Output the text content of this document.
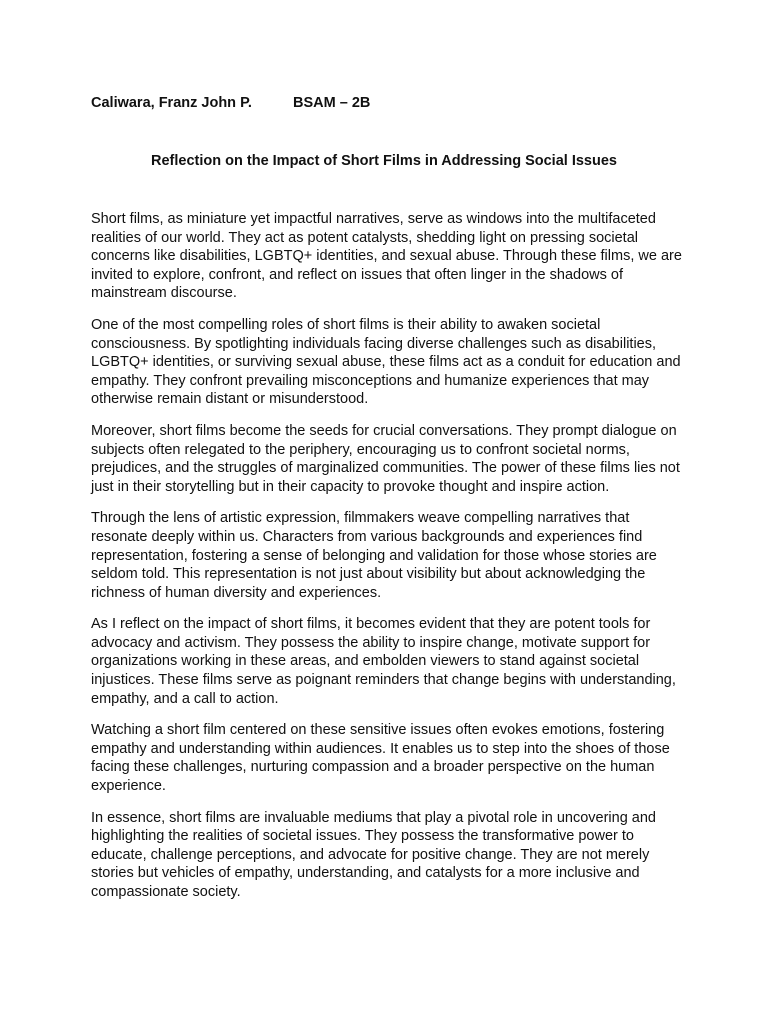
Caliwara, Franz John P.	BSAM – 2B
Reflection on the Impact of Short Films in Addressing Social Issues

Short films, as miniature yet impactful narratives, serve as windows into the multifaceted realities of our world. They act as potent catalysts, shedding light on pressing societal concerns like disabilities, LGBTQ+ identities, and sexual abuse. Through these films, we are invited to explore, confront, and reflect on issues that often linger in the shadows of mainstream discourse.

One of the most compelling roles of short films is their ability to awaken societal consciousness. By spotlighting individuals facing diverse challenges such as disabilities, LGBTQ+ identities, or surviving sexual abuse, these films act as a conduit for education and empathy. They confront prevailing misconceptions and humanize experiences that may otherwise remain distant or misunderstood.

Moreover, short films become the seeds for crucial conversations. They prompt dialogue on subjects often relegated to the periphery, encouraging us to confront societal norms, prejudices, and the struggles of marginalized communities. The power of these films lies not just in their storytelling but in their capacity to provoke thought and inspire action.

Through the lens of artistic expression, filmmakers weave compelling narratives that resonate deeply within us. Characters from various backgrounds and experiences find representation, fostering a sense of belonging and validation for those whose stories are seldom told. This representation is not just about visibility but about acknowledging the richness of human diversity and experiences.

As I reflect on the impact of short films, it becomes evident that they are potent tools for advocacy and activism. They possess the ability to inspire change, motivate support for organizations working in these areas, and embolden viewers to stand against societal injustices. These films serve as poignant reminders that change begins with understanding, empathy, and a call to action.

Watching a short film centered on these sensitive issues often evokes emotions, fostering empathy and understanding within audiences. It enables us to step into the shoes of those facing these challenges, nurturing compassion and a broader perspective on the human experience.

In essence, short films are invaluable mediums that play a pivotal role in uncovering and highlighting the realities of societal issues. They possess the transformative power to educate, challenge perceptions, and advocate for positive change. They are not merely stories but vehicles of empathy, understanding, and catalysts for a more inclusive and compassionate society.
